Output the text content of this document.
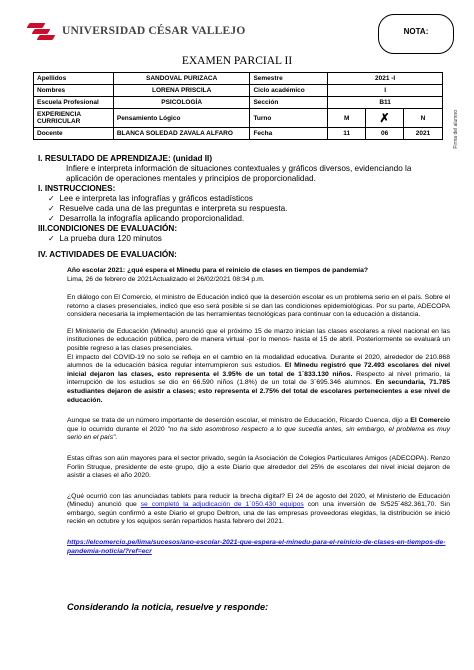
UNIVERSIDAD CÉSAR VALLEJO	NOTA:
EXAMEN PARCIAL II
Firma del alumno
Apellidos	SANDOVAL PURIZACA	Semestre	2021 -I		
Nombres	LORENA PRISCILA	Ciclo académico	I		
Escuela Profesional	PSICOLOGÍA	Sección	B11		
EXPERIENCIA CURRICULAR	Pensamiento Lógico	Turno	M	✗	N
Docente	BLANCA SOLEDAD ZAVALA ALFARO	Fecha	11	06	2021
I. RESULTADO DE APRENDIZAJE: (unidad II)
Infiere e interpreta información de situaciones contextuales y gráficos diversos, evidenciando la aplicación de operaciones mentales y principios de proporcionalidad.
I. INSTRUCCIONES:
✓  Lee e interpreta las infografías y gráficos estadísticos
✓  Resuelve cada una de las preguntas e interpreta su respuesta.
✓  Desarrolla la infografía aplicando proporcionalidad.
III.CONDICIONES DE EVALUACIÓN:
✓  La prueba dura 120 minutos
IV. ACTIVIDADES DE EVALUACIÓN:

Año escolar 2021: ¿qué espera el Minedu para el reinicio de clases en tiempos de pandemia?
Lima, 26 de febrero de 2021Actualizado el 26/02/2021 08:34 p.m.

En diálogo con El Comercio, el ministro de Educación indicó que la deserción escolar es un problema serio en el país. Sobre el retorno a clases presenciales, indicó que eso será posible si se dan las condiciones epidemiológicas. Por su parte, ADECOPA considera necesaria la implementación de las herramientas tecnológicas para continuar con la educación a distancia.

El Ministerio de Educación (Minedu) anunció que el próximo 15 de marzo inician las clases escolares a nivel nacional en las instituciones de educación pública, pero de manera virtual -por lo menos- hasta el 15 de abril. Posteriormente se evaluará un posible regreso a las clases presenciales.

El impacto del COVID-19 no solo se refleja en el cambio en la modalidad educativa. Durante el 2020, alrededor de 210.868 alumnos de la educación básica regular interrumpieron sus estudios. El Minedu registró que 72.493 escolares del nivel inicial dejaron las clases, esto representa el 3.95% de un total de 1´833.130 niños. Respecto al nivel primario, la interrupción de los estudios se dio en 66.590 niños (1.8%) de un total de 3´695.346 alumnos. En secundaria, 71.785 estudiantes dejaron de asistir a clases; esto representa el 2.75% del total de escolares pertenecientes a ese nivel de educación.

Aunque se trata de un número importante de deserción escolar, el ministro de Educación, Ricardo Cuenca, dijo a El Comercio que lo ocurrido durante el 2020 "no ha sido asombroso respecto a lo que sucedía antes, sin embargo, el problema es muy serio en el país".

Estas cifras son aún mayores para el sector privado, según la Asociación de Colegios Particulares Amigos (ADECOPA). Renzo Forlin Struque, presidente de este grupo, dijo a este Diario que alrededor del 25% de escolares del nivel inicial dejaron de asistir a clases el año 2020.

¿Qué ocurrió con las anunciadas tablets para reducir la brecha digital? El 24 de agosto del 2020, el Ministerio de Educación (Minedu) anunció que se completó la adjudicación de 1´050.430 equipos con una inversión de S/525´482.361,70. Sin embargo, según confirmó a este Diario el grupo Deltron, una de las empresas proveedoras elegidas, la distribución se inició recién en octubre y los equipos serán repartidos hasta febrero del 2021.

https://elcomercio.pe/lima/sucesos/ano-escolar-2021-que-espera-el-minedu-para-el-reinicio-de-clases-en-tiempos-de-pandemia-noticia/?ref=ecr

Considerando la noticia, resuelve y responde:
